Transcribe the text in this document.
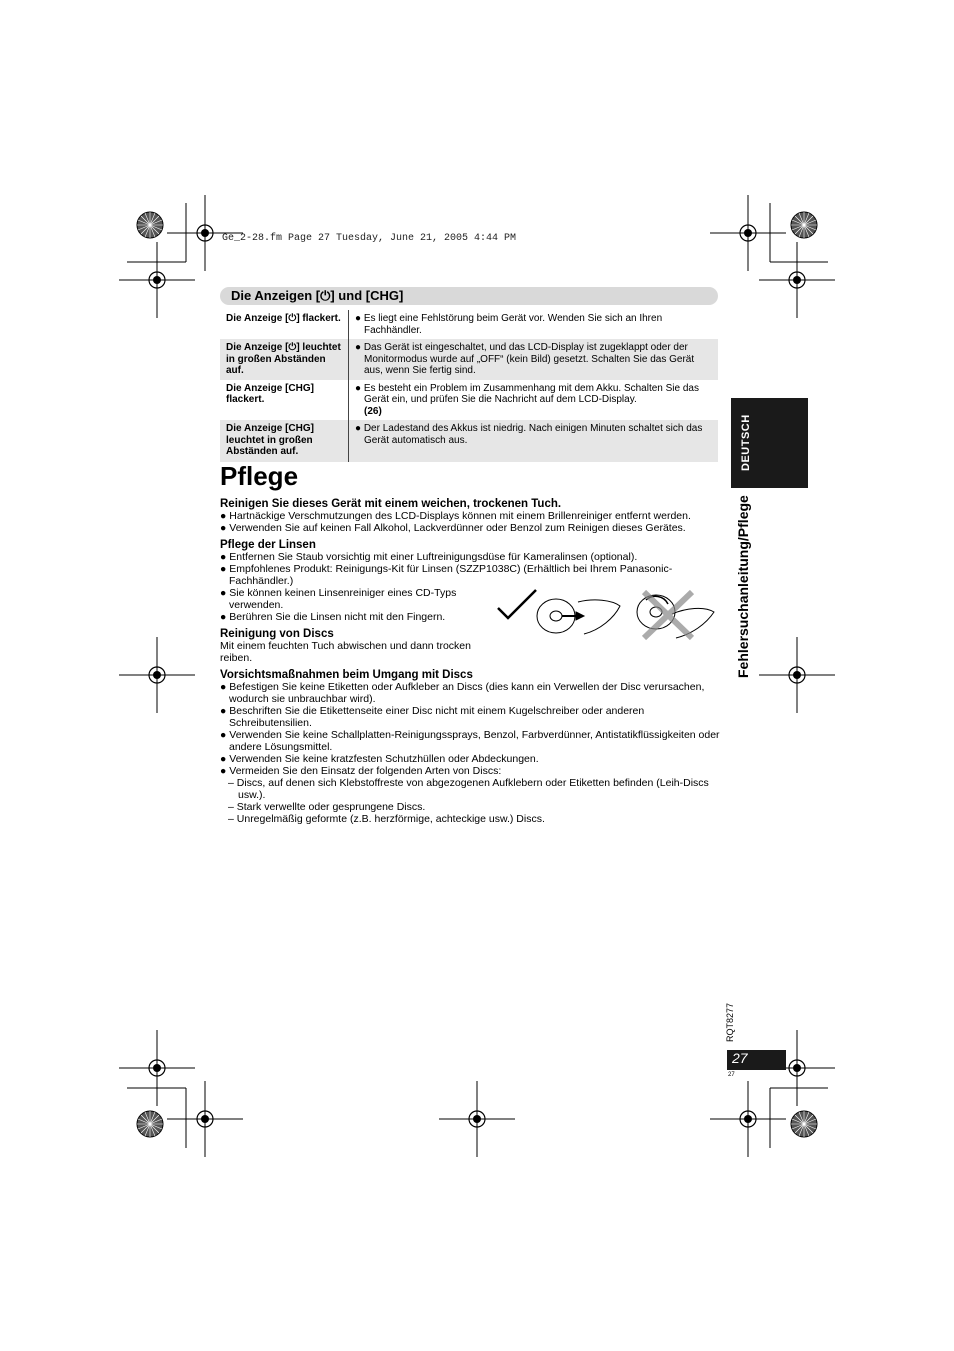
Ge_2-28.fm Page 27 Tuesday, June 21, 2005 4:44 PM
Die Anzeigen [⏻] und [CHG]
Die Anzeige [⏻] flackert.	● Es liegt eine Fehlstörung beim Gerät vor. Wenden Sie sich an Ihren Fachhändler.

Die Anzeige [⏻] leuchtet in großen Abständen auf.	● Das Gerät ist eingeschaltet, und das LCD-Display ist zugeklappt oder der Monitormodus wurde auf „OFF“ (kein Bild) gesetzt. Schalten Sie das Gerät aus, wenn Sie fertig sind.

Die Anzeige [CHG] flackert.	● Es besteht ein Problem im Zusammenhang mit dem Akku. Schalten Sie das Gerät ein, und prüfen Sie die Nachricht auf dem LCD-Display.
(26)

Die Anzeige [CHG] leuchtet in großen Abständen auf.	● Der Ladestand des Akkus ist niedrig. Nach einigen Minuten schaltet sich das Gerät automatisch aus.
Pflege
Reinigen Sie dieses Gerät mit einem weichen, trockenen Tuch.
● Hartnäckige Verschmutzungen des LCD-Displays können mit einem Brillenreiniger entfernt werden.
● Verwenden Sie auf keinen Fall Alkohol, Lackverdünner oder Benzol zum Reinigen dieses Gerätes.
Pflege der Linsen
● Entfernen Sie Staub vorsichtig mit einer Luftreinigungsdüse für Kameralinsen (optional).
● Empfohlenes Produkt: Reinigungs-Kit für Linsen (SZZP1038C) (Erhältlich bei Ihrem Panasonic-Fachhändler.)
● Sie können keinen Linsenreiniger eines CD-Typs verwenden.
● Berühren Sie die Linsen nicht mit den Fingern.
Reinigung von Discs

Mit einem feuchten Tuch abwischen und dann trocken reiben.

Vorsichtsmaßnahmen beim Umgang mit Discs
● Befestigen Sie keine Etiketten oder Aufkleber an Discs (dies kann ein Verwellen der Disc verursachen, wodurch sie unbrauchbar wird).
● Beschriften Sie die Etikettenseite einer Disc nicht mit einem Kugelschreiber oder anderen Schreibutensilien.
● Verwenden Sie keine Schallplatten-Reinigungssprays, Benzol, Farbverdünner, Antistatikflüssigkeiten oder andere Lösungsmittel.
● Verwenden Sie keine kratzfesten Schutzhüllen oder Abdeckungen.
● Vermeiden Sie den Einsatz der folgenden Arten von Discs:
– Discs, auf denen sich Klebstoffreste von abgezogenen Aufklebern oder Etiketten befinden (Leih-Discs usw.).
– Stark verwellte oder gesprungene Discs.
– Unregelmäßig geformte (z.B. herzförmige, achteckige usw.) Discs.
DEUTSCH
Fehlersuchanleitung/Pflege
RQT8277
27
27
